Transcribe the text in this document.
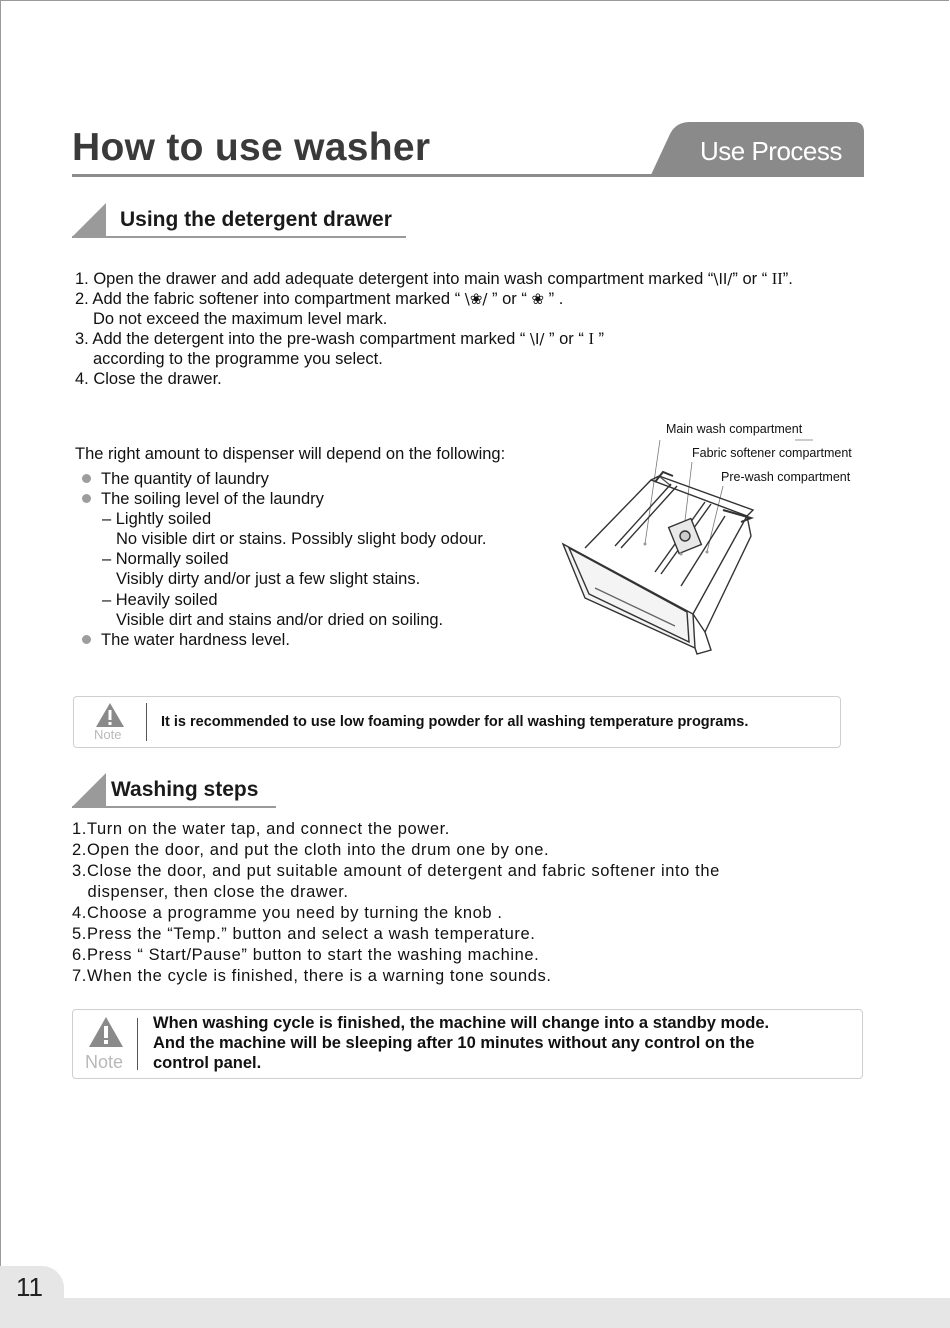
How to use washer	Use Process
Using the detergent drawer
1. Open the drawer and add adequate detergent into main wash compartment marked “\II/” or “ II”.
2. Add the fabric softener into compartment marked “ \❀/ ” or “ ❀ ” .
Do not exceed the maximum level mark.
3. Add the detergent into the pre-wash compartment marked “ \I/ ” or “ I ”
according to the programme you select.
4. Close the drawer.
The right amount to dispenser will depend on the following:
The quantity of laundry
The soiling level of the laundry
– Lightly soiled
No visible dirt or stains. Possibly slight body odour.
– Normally soiled
Visibly dirty and/or just a few slight stains.
– Heavily soiled
Visible dirt and stains and/or dried on soiling.
The water hardness level.
Main wash compartment
Fabric softener compartment
Pre-wash compartment
Note
It is recommended to use low foaming powder for all washing temperature programs.
Washing steps
1.Turn on the water tap, and connect the power.
2.Open the door, and put the cloth into the drum one by one.
3.Close the door, and put suitable amount of detergent and fabric softener into the
dispenser, then close the drawer.
4.Choose a programme you need by turning the knob .
5.Press the “Temp.” button and select a wash temperature.
6.Press “ Start/Pause” button to start the washing machine.
7.When the cycle is finished, there is a warning tone sounds.
Note
When washing cycle is finished, the machine will change into a standby mode.
And the machine will be sleeping after 10 minutes without any control on the
control panel.
11
